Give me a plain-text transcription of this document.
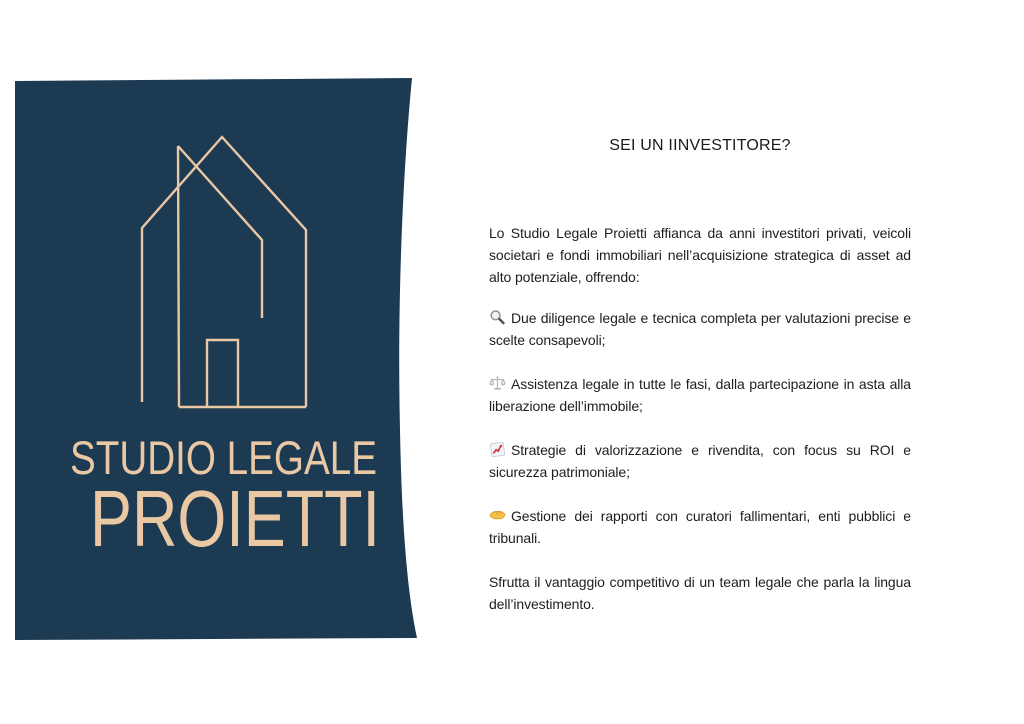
STUDIO LEGALE
PROIETTI
SEI UN IINVESTITORE?

Lo Studio Legale Proietti affianca da anni investitori privati, veicoli societari e fondi immobiliari nell’acquisizione strategica di asset ad alto potenziale, offrendo:

Due diligence legale e tecnica completa per valutazioni precise e scelte consapevoli;

Assistenza legale in tutte le fasi, dalla partecipazione in asta alla liberazione dell’immobile;

Strategie di valorizzazione e rivendita, con focus su ROI e sicurezza patrimoniale;

Gestione dei rapporti con curatori fallimentari, enti pubblici e tribunali.

Sfrutta il vantaggio competitivo di un team legale che parla la lingua dell’investimento.
